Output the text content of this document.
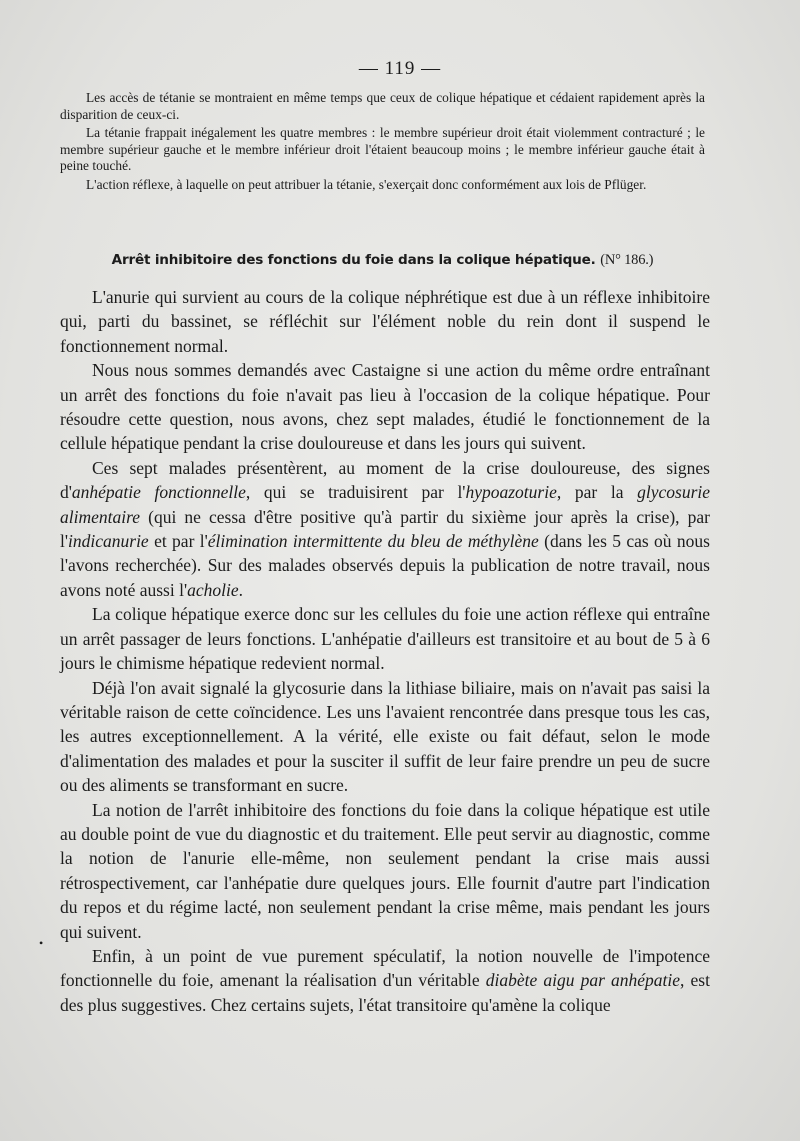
— 119 —

Les accès de tétanie se montraient en même temps que ceux de colique hépatique et cédaient rapidement après la disparition de ceux-ci.

La tétanie frappait inégalement les quatre membres : le membre supérieur droit était violemment contracturé ; le membre supérieur gauche et le membre inférieur droit l'étaient beaucoup moins ; le membre inférieur gauche était à peine touché.

L'action réflexe, à laquelle on peut attribuer la tétanie, s'exerçait donc conformément aux lois de Pflüger.

Arrêt inhibitoire des fonctions du foie dans la colique hépatique. (N° 186.)

L'anurie qui survient au cours de la colique néphrétique est due à un réflexe inhibitoire qui, parti du bassinet, se réfléchit sur l'élément noble du rein dont il suspend le fonctionnement normal.

Nous nous sommes demandés avec Castaigne si une action du même ordre entraînant un arrêt des fonctions du foie n'avait pas lieu à l'occasion de la colique hépatique. Pour résoudre cette question, nous avons, chez sept malades, étudié le fonctionnement de la cellule hépatique pendant la crise douloureuse et dans les jours qui suivent.

Ces sept malades présentèrent, au moment de la crise douloureuse, des signes d'anhépatie fonctionnelle, qui se traduisirent par l'hypoazoturie, par la glycosurie alimentaire (qui ne cessa d'être positive qu'à partir du sixième jour après la crise), par l'indicanurie et par l'élimination intermittente du bleu de méthylène (dans les 5 cas où nous l'avons recherchée). Sur des malades observés depuis la publication de notre travail, nous avons noté aussi l'acholie.

La colique hépatique exerce donc sur les cellules du foie une action réflexe qui entraîne un arrêt passager de leurs fonctions. L'anhépatie d'ailleurs est transitoire et au bout de 5 à 6 jours le chimisme hépatique redevient normal.

Déjà l'on avait signalé la glycosurie dans la lithiase biliaire, mais on n'avait pas saisi la véritable raison de cette coïncidence. Les uns l'avaient rencontrée dans presque tous les cas, les autres exceptionnellement. A la vérité, elle existe ou fait défaut, selon le mode d'alimentation des malades et pour la susciter il suffit de leur faire prendre un peu de sucre ou des aliments se transformant en sucre.

La notion de l'arrêt inhibitoire des fonctions du foie dans la colique hépatique est utile au double point de vue du diagnostic et du traitement. Elle peut servir au diagnostic, comme la notion de l'anurie elle-même, non seulement pendant la crise mais aussi rétrospectivement, car l'anhépatie dure quelques jours. Elle fournit d'autre part l'indication du repos et du régime lacté, non seulement pendant la crise même, mais pendant les jours qui suivent.

Enfin, à un point de vue purement spéculatif, la notion nouvelle de l'impotence fonctionnelle du foie, amenant la réalisation d'un véritable diabète aigu par anhépatie, est des plus suggestives. Chez certains sujets, l'état transitoire qu'amène la colique

•
